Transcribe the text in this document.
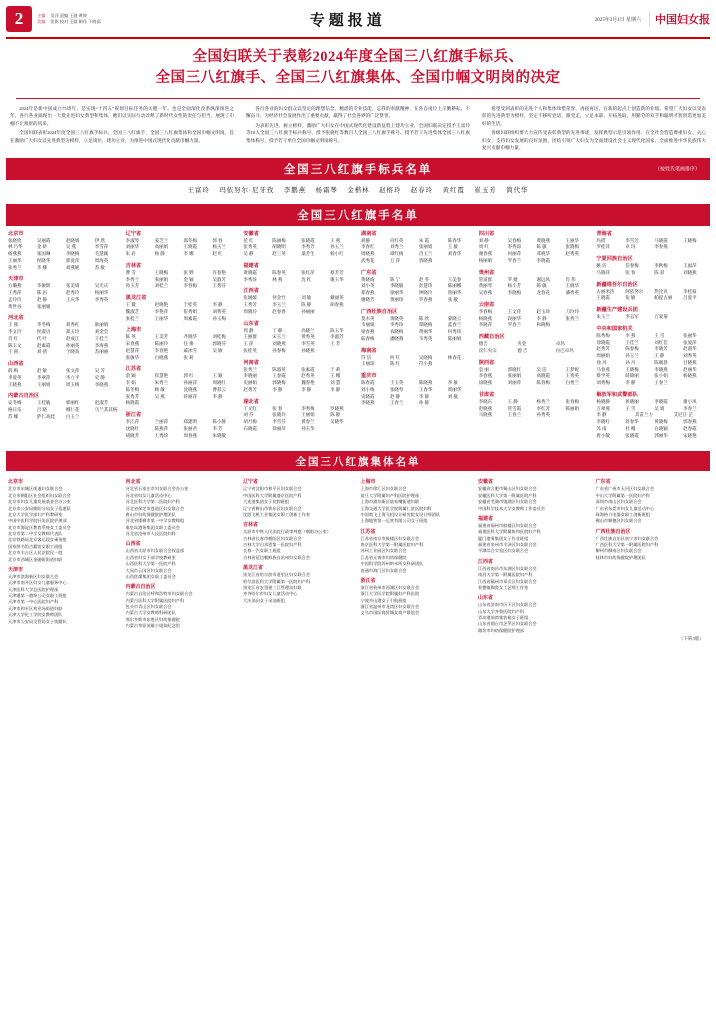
2	主编 吴萍 责编 王驰 黄婷
美编 张影 校对 王圆 制作 于晓高	专题报道	2025年3月1日 星期六	中国妇女报
全国妇联关于表彰2024年度全国三八红旗手标兵、
全国三八红旗手、全国三八红旗集体、全国巾帼文明岗的决定

2024年是新中国成立75周年，是实现“十四五”规划目标任务的关键一年。也是全面深化改革纵深推进之年，各行各业涌现出一大批先进妇女典型和集体，她们以实际行动诠释了新时代女性的责任与担当，展现了巾帼不让须眉的风采。

全国妇联表彰2024年度全国三八红旗手标兵、全国三八红旗手、全国三八红旗集体和全国巾帼文明岗，旨在激励广大妇女以先进典型为榜样，立足岗位、建功立业，为推进中国式现代化贡献巾帼力量。

各行各业的妇女群众以坚定的理想信念、精湛的专业技能、忘我的奉献精神，在各自岗位上辛勤耕耘、不懈奋斗，为经济社会发展作出了重要贡献，赢得了社会各界的广泛赞誉。

为表彰先进、树立榜样，激励广大妇女在中国式现代化建设新征程上建功立业，全国妇联决定授予王富玲等10人全国三八红旗手标兵称号、授予张晓红等数百人全国三八红旗手称号、授予若干先进集体全国三八红旗集体称号，授予若干单位全国巾帼文明岗称号。

希望受到表彰的先进个人和集体珍惜荣誉、再接再厉，在新的起点上创造新的业绩。希望广大妇女以受表彰的先进典型为榜样，坚定不移听党话、跟党走，立足本职、开拓进取，用勤劳的双手和聪明才智创造更加美好的生活。

各级妇联组织要大力宣传受表彰典型的先进事迹，发挥典型示范引领作用，在全社会营造尊重妇女、关心妇女、支持妇女发展的良好氛围，团结引领广大妇女为全面建设社会主义现代化国家、全面推进中华民族伟大复兴贡献巾帼力量。

全国三八红旗手标兵名单	（按姓氏笔画排序）
王富玲 玛依努尔·尼牙孜 李鹏燕 杨霜琴 金楷林 赵榕玲 赵春玲 黄红霞 崔玉芳 简代华
全国三八红旗手名单
北京市
张晓欣	吴丽霞	赵晓娟	伊 然
林 巧华	金 妍	吴 燕	李雪萍
杨燕燕	张国琳	李晓梅	毛慧颖
王丽华	侯晓华	郭爱萍	周海英
张秀兰	李 娜	刘燕妮	苏 敏
天津市
方璐燕	李俊辉	张美娟	吴光庆
王秀萍	陈 岩	赵秀玲	杨丽华
孟玲玲	赵 静	王庆华	李秀英
黄世谷	张丽媛
河北省
王 燕	李冬梅	刘秀红	耿丽娟
李文玲	侯淑贞	郑玉玲	刘金会
肖 红	代 叶	赵成江	王桂兰
陈玉文	赵素霞	孙丽英	李海燕
王 圆	刘 倩	于晓高	苏丽丽
山西省
薛 梅	赵 敏	张文萍	吴 芳
李爱英	李翠萍	李立平	史 静
王晓燕	王丽娟	周玉梅	李晓燕
内蒙古自治区
安冬梅	王桂敏	郭丽红	赵淑芳
格日乐	吕 晓	娜仁花	乌兰其其格
苏 娜	萨仁高娃	白玉兰
辽宁省
李淑琴	姜芝兰	邵冬梅	郭 春
刘丽华	高丽娟	王晓霞	杨玉兰
朱 岩	杨 静	李 娜	赵 红
吉林省
曹 雪	王晓梅	张 野	许春艳
李秀兰	张丽娟	金 颖	吴淑芳
孙玉芳	刘桂兰	李春梅	王秀芬
黑龙江省
王 微	赵晓艳	于桂英	李 静
魏淑芝	李艳萍	崔秀娟	刘秀英
张桂兰	王丽华	周素霞	孙玉梅
上海市
陈 英	王美芳	齐晓华	刘桂梅
宋春燕	陈丽玲	任 俊	郭晓芬
赵慧萍	李春艳	戚冰雪	吴 敏
张敏华	白晓燕	张 莉
江苏省
余 颖	崔慧艳	郭 红	王 颖
李 娟	朱秀兰	孙丽萍	周晓红
陈冬梅	顾 敏	沈晓燕	曹彩云
张秀芳	吴 燕	蒋丽萍	李 静
杨晓霞
浙江省
李江萍	兰丽萍	郑建明	陈小静
沈晓红	陈燕萍	张丽君	李 芳
胡晓芳	王秀珍	周春燕	朱晓敏
安徽省
范 红	陈丽梅	张晓霞	王 燕
张秀英	胡晓明	李秀芳	孙玉兰
吴 静	赵三英	桑芳生	杨小红
福建省
黄晓霞	陈春英	张红萍	蔡芳芳
李秀珍	林 燕	沈 红	谢玉华
江西省
张媛媛	何金竹	刘 敏	戴丽英
王秀芳	李玉兰	陈 静	胡春燕
周晓玲	赵春香	孙丽丽
山东省
周 静	丁 静	高晓兰	陈玉华
王丽群	宋玉兰	黄秀英	李淑芳
王 萍	刘晓燕	李雪英	王 芳
张桂英	孙春梅	孙晓燕
河南省
张秀兰	陈淑英	张素霞	于 莉
李晓丽	王春霞	赵秀英	王 娜
史丽娟	郭晓梅	魏春艳	刘 慧
赵秀芳	李 静	李 静	李 静
湖北省
丁文红	张 春	李秀梅	罗晓燕
刘 芬	张晓玲	王丽娟	陈 静
胡月梅	李雪芬	黄春兰	吴晓华
石晓霞	徐丽萍	孙玉华
湖南省
胡静	向红英	朱 霞	陈春华
李春红	刘秀兰	张丽娟	王 敏
周晓燕	谭红梅	肖玉兰	刘春华
武秀花	万 萍	曾晓燕
广东省
黄晓瑜	陈 宁	赵 苓	王美春
刘小英	李晓敏	彭慧珍	陈丽娜
郑春燕	梁丽华	钟晓玲	曾丽华
谢晓芳	黄丽珍	罗春燕	张 敏
广西壮族自治区
莫水英	黄晓英	陈 欣	蒙晓云
韦丽娟	李秀珍	覃晓梅	蓝春兰
梁春燕	农晓梅	黄丽华	何秀珍
陆春梅	潘晓燕	韦秀英	陈丽娟
海南省
符 洁	何 红	吴晓梅	林春花
王丽琼	陈 红	符小燕
重庆市
陈春霞	王玉英	陈晓燕	李 敏
刘小梅	张晓琴	王春华	周丽华
史晓霞	赵 静	李 静	刘 敏
李晓燕	王春兰	孙 静
四川省
刘 静	吴春梅	黄晓燕	王丽华
周 红	李秀琼	陈 敏	张晓梅
谢春燕	何丽萍	邓晓华	赵秀英
杨丽娟	罗春兰	李晓霞
贵州省
管道群	罗 婕	谢远风	肖 伟
黄丽琴	杨小芳	陈 敏	王晓华
吴春燕	李晓梅	龙春花	潘秀英
云南省
李春梅	王文萍	赵玉珍	刀玲玲
杨晓燕	段丽华	李 静	张秀兰
李晓萍	罗春兰	和晓梅
西藏自治区
德吉	央金	卓玛
次仁央宗	德 吉	拉巴卓玛
陕西省
袁 丽	郭晓红	吴 洁	王梦妮
李春燕	张丽娟	高晓霞	王秀英
徐晓燕	刘丽萍	陈春梅	白秀兰
甘肃省
李晓东	王 静	杨秀兰	张春梅
赵晓燕	管雪霞	李红芳	陈丽娟
马晓燕	王春兰	孙秀英
青海省
玛措	李雪芳	马晓霞	王晓梅
罗桂萍	卓 玛	李春燕
宁夏回族自治区
姚 洁	信春梅	李秋梅	王福萍
马晓萍	张 春	陈 彩	刘晓燕
新疆维吾尔自治区
古丽米热	阿依努尔	热比亚	李桂枝
王晓霞	张 敏	帕提古丽	吕爱平
新疆生产建设兵团
朱玉兰	李志军	万爱菊
中央和国家机关
陈秀梅	李 燕	王 雪	张丽华
徐晓霞	王佳兰	刘红佳	张爱萍
赵秀芳	陈春梅	李晓芳	赵淑华
周丽娟	孙玉兰	王 静	刘秀英
徐 丹	孙 丹	陈朝晨	甘晓燕
马春燕	王晓梅	李晓燕	赵丽华
蔡学英	薛锦丽	张小娟	杨晓燕
刘秀梅	李 静	王春兰
解放军和武警部队
杨晓静	侯晓丽	李晓霞	谢小风
万翠燕	王 雪	吴 娟	李春兰
李 静	其雷兰力	艾尼江·芷
李晓红	蒋春华	黄晓梅	郭春燕
苏 南	杜 娜	白晓颖	赵春霞
唐小敏	张晓霞	郭丽华	宋晓艳
全国三八红旗集体名单
北京市
北京市东城区街道妇女联合会
北京市朝阳区社会组织妇女联合会
北京市妇女儿童发展基金会办公室
北京市公安局朝阳分局女子巡逻队
北京大学医学部妇产科教研室
中国中医科学院针灸医院护理部
北京市海淀区教育系统女工委员会
北京市第二中学女教师代表队
北京铁路局北京客运段女乘务组
国家图书馆古籍馆女职工班组
北京市丰台区人民法院民一庭
北京市西城区金融街街道妇联
天津市
天津市滨海新区妇女联合会
天津市南开区妇女儿童服务中心
天津医科大学总医院护理部
天津港第一港埠公司女职工班组
天津市第一中心医院妇产科
天津市和平区劝业场街道妇联
天津大学化工学院女教师团队
天津市公安局交管局女子执勤队
河北省
河北省石家庄市妇女联合会办公室
河北省妇女儿童活动中心
河北医科大学第二医院妇产科
河北省保定市莲池区妇女联合会
唐山市妇幼保健院护理团队
河北省邯郸市第一中学女教师组
秦皇岛港务集团女职工委员会
河北省沧州市人民医院妇科
山西省
山西省太原市妇女联合会权益部
山西省妇女干部学校教研室
山西医科大学第一医院产科
大同市云冈区妇女联合会
山西焦煤集团女职工委员会
内蒙古自治区
内蒙古自治区呼和浩特市妇女联合会
内蒙古医科大学附属医院妇产科
包头市青山区妇女联合会
内蒙古大学女教师科研团队
鄂尔多斯市东胜区妇幼保健院
内蒙古草原英雄小姐妹纪念馆
辽宁省
辽宁省沈阳市和平区妇女联合会
中国医科大学附属盛京医院产科
大连港集团女子装卸班组
辽宁省鞍山市铁东区妇女联合会
沈阳飞机工业集团女职工创新工作室
吉林省
太原市中铁人民法院行政审判庭（朝阳办公室）
吉林省长春市朝阳区妇女联合会
吉林大学白求恩第一医院妇产科
长春一汽女职工班组
吉林省延边朝鲜族自治州妇女联合会
黑龙江省
黑龙江省哈尔滨市道里区妇女联合会
哈尔滨医科大学附属第一医院妇产科
黑龙江省农垦建三江管理局妇联
齐齐哈尔市妇女儿童活动中心
大庆油田女子采油班组
上海市
上海市徐汇区妇女联合会
复旦大学附属妇产科医院护理部
上海市浦东新区陆家嘴街道妇联
上海交通大学医学院附属仁济医院妇科
中国商飞上海飞机设计研究院女设计师团队
上海地铁第一运营有限公司女子班组
江苏省
江苏省南京市鼓楼区妇女联合会
南京医科大学第一附属医院妇产科
苏州工业园区妇女联合会
江苏省无锡市妇幼保健院
中国科学院苏州纳米所女科研团队
南通市海门区妇女联合会
浙江省
浙江省杭州市西湖区妇女联合会
浙江大学医学院附属妇产科医院
宁波舟山港女子引航班组
浙江省温州市龙湾区妇女联合会
义乌市国际商贸城女商户联谊会
安徽省
安徽省合肥市蜀山区妇女联合会
安徽医科大学第一附属医院产科
安徽省芜湖市镜湖区妇女联合会
中国科学技术大学女教师工作委员会
福建省
福建省福州市鼓楼区妇女联合会
福建医科大学附属协和医院妇产科
厦门港务集团女子作业班组
福建省泉州市丰泽区妇女联合会
平潭综合实验区妇女联合会
江西省
江西省南昌市东湖区妇女联合会
南昌大学第一附属医院妇产科
江西省赣州市章贡区妇女联合会
景德镇陶瓷女工艺师工作室
山东省
山东省济南市历下区妇女联合会
山东大学齐鲁医院妇产科
青岛港前湾集装箱女子班组
山东省烟台市芝罘区妇女联合会
潍坊市妇幼保健院护理部
广东省
广东省广州市天河区妇女联合会
中山大学附属第一医院妇产科
深圳市南山区妇女联合会
广东省东莞市妇女儿童活动中心
珠海格力电器女职工创新班组
佛山市顺德区妇女联合会
广西壮族自治区
广西壮族自治区南宁市妇女联合会
广西医科大学第一附属医院妇产科
柳州市柳南区妇女联合会
桂林市妇幼保健院护理团队
（下转3版）
